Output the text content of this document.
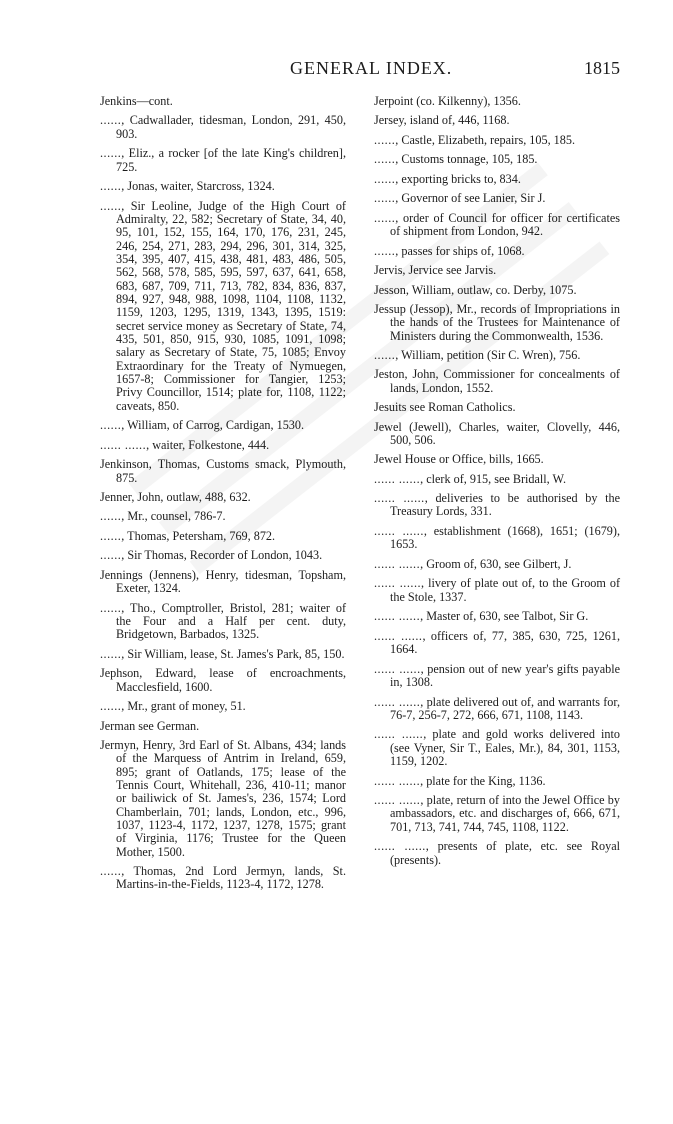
GENERAL INDEX.	1815
Jenkins—cont.
......, Cadwallader, tidesman, London, 291, 450, 903.
......, Eliz., a rocker [of the late King's children], 725.
......, Jonas, waiter, Starcross, 1324.
......, Sir Leoline, Judge of the High Court of Admiralty, 22, 582; Secretary of State, 34, 40, 95, 101, 152, 155, 164, 170, 176, 231, 245, 246, 254, 271, 283, 294, 296, 301, 314, 325, 354, 395, 407, 415, 438, 481, 483, 486, 505, 562, 568, 578, 585, 595, 597, 637, 641, 658, 683, 687, 709, 711, 713, 782, 834, 836, 837, 894, 927, 948, 988, 1098, 1104, 1108, 1132, 1159, 1203, 1295, 1319, 1343, 1395, 1519: secret service money as Secretary of State, 74, 435, 501, 850, 915, 930, 1085, 1091, 1098; salary as Secretary of State, 75, 1085; Envoy Extraordinary for the Treaty of Nymuegen, 1657-8; Commissioner for Tangier, 1253; Privy Councillor, 1514; plate for, 1108, 1122; caveats, 850.
......, William, of Carrog, Cardigan, 1530.
...... ......, waiter, Folkestone, 444.
Jenkinson, Thomas, Customs smack, Plymouth, 875.
Jenner, John, outlaw, 488, 632.
......, Mr., counsel, 786-7.
......, Thomas, Petersham, 769, 872.
......, Sir Thomas, Recorder of London, 1043.
Jennings (Jennens), Henry, tidesman, Topsham, Exeter, 1324.
......, Tho., Comptroller, Bristol, 281; waiter of the Four and a Half per cent. duty, Bridgetown, Barbados, 1325.
......, Sir William, lease, St. James's Park, 85, 150.
Jephson, Edward, lease of encroachments, Macclesfield, 1600.
......, Mr., grant of money, 51.
Jerman see German.
Jermyn, Henry, 3rd Earl of St. Albans, 434; lands of the Marquess of Antrim in Ireland, 659, 895; grant of Oatlands, 175; lease of the Tennis Court, Whitehall, 236, 410-11; manor or bailiwick of St. James's, 236, 1574; Lord Chamberlain, 701; lands, London, etc., 996, 1037, 1123-4, 1172, 1237, 1278, 1575; grant of Virginia, 1176; Trustee for the Queen Mother, 1500.
......, Thomas, 2nd Lord Jermyn, lands, St. Martins-in-the-Fields, 1123-4, 1172, 1278.
Jerpoint (co. Kilkenny), 1356.
Jersey, island of, 446, 1168.
......, Castle, Elizabeth, repairs, 105, 185.
......, Customs tonnage, 105, 185.
......, exporting bricks to, 834.
......, Governor of see Lanier, Sir J.
......, order of Council for officer for certificates of shipment from London, 942.
......, passes for ships of, 1068.
Jervis, Jervice see Jarvis.
Jesson, William, outlaw, co. Derby, 1075.
Jessup (Jessop), Mr., records of Impropriations in the hands of the Trustees for Maintenance of Ministers during the Commonwealth, 1536.
......, William, petition (Sir C. Wren), 756.
Jeston, John, Commissioner for concealments of lands, London, 1552.
Jesuits see Roman Catholics.
Jewel (Jewell), Charles, waiter, Clovelly, 446, 500, 506.
Jewel House or Office, bills, 1665.
...... ......, clerk of, 915, see Bridall, W.
...... ......, deliveries to be authorised by the Treasury Lords, 331.
...... ......, establishment (1668), 1651; (1679), 1653.
...... ......, Groom of, 630, see Gilbert, J.
...... ......, livery of plate out of, to the Groom of the Stole, 1337.
...... ......, Master of, 630, see Talbot, Sir G.
...... ......, officers of, 77, 385, 630, 725, 1261, 1664.
...... ......, pension out of new year's gifts payable in, 1308.
...... ......, plate delivered out of, and warrants for, 76-7, 256-7, 272, 666, 671, 1108, 1143.
...... ......, plate and gold works delivered into (see Vyner, Sir T., Eales, Mr.), 84, 301, 1153, 1159, 1202.
...... ......, plate for the King, 1136.
...... ......, plate, return of into the Jewel Office by ambassadors, etc. and discharges of, 666, 671, 701, 713, 741, 744, 745, 1108, 1122.
...... ......, presents of plate, etc. see Royal (presents).
